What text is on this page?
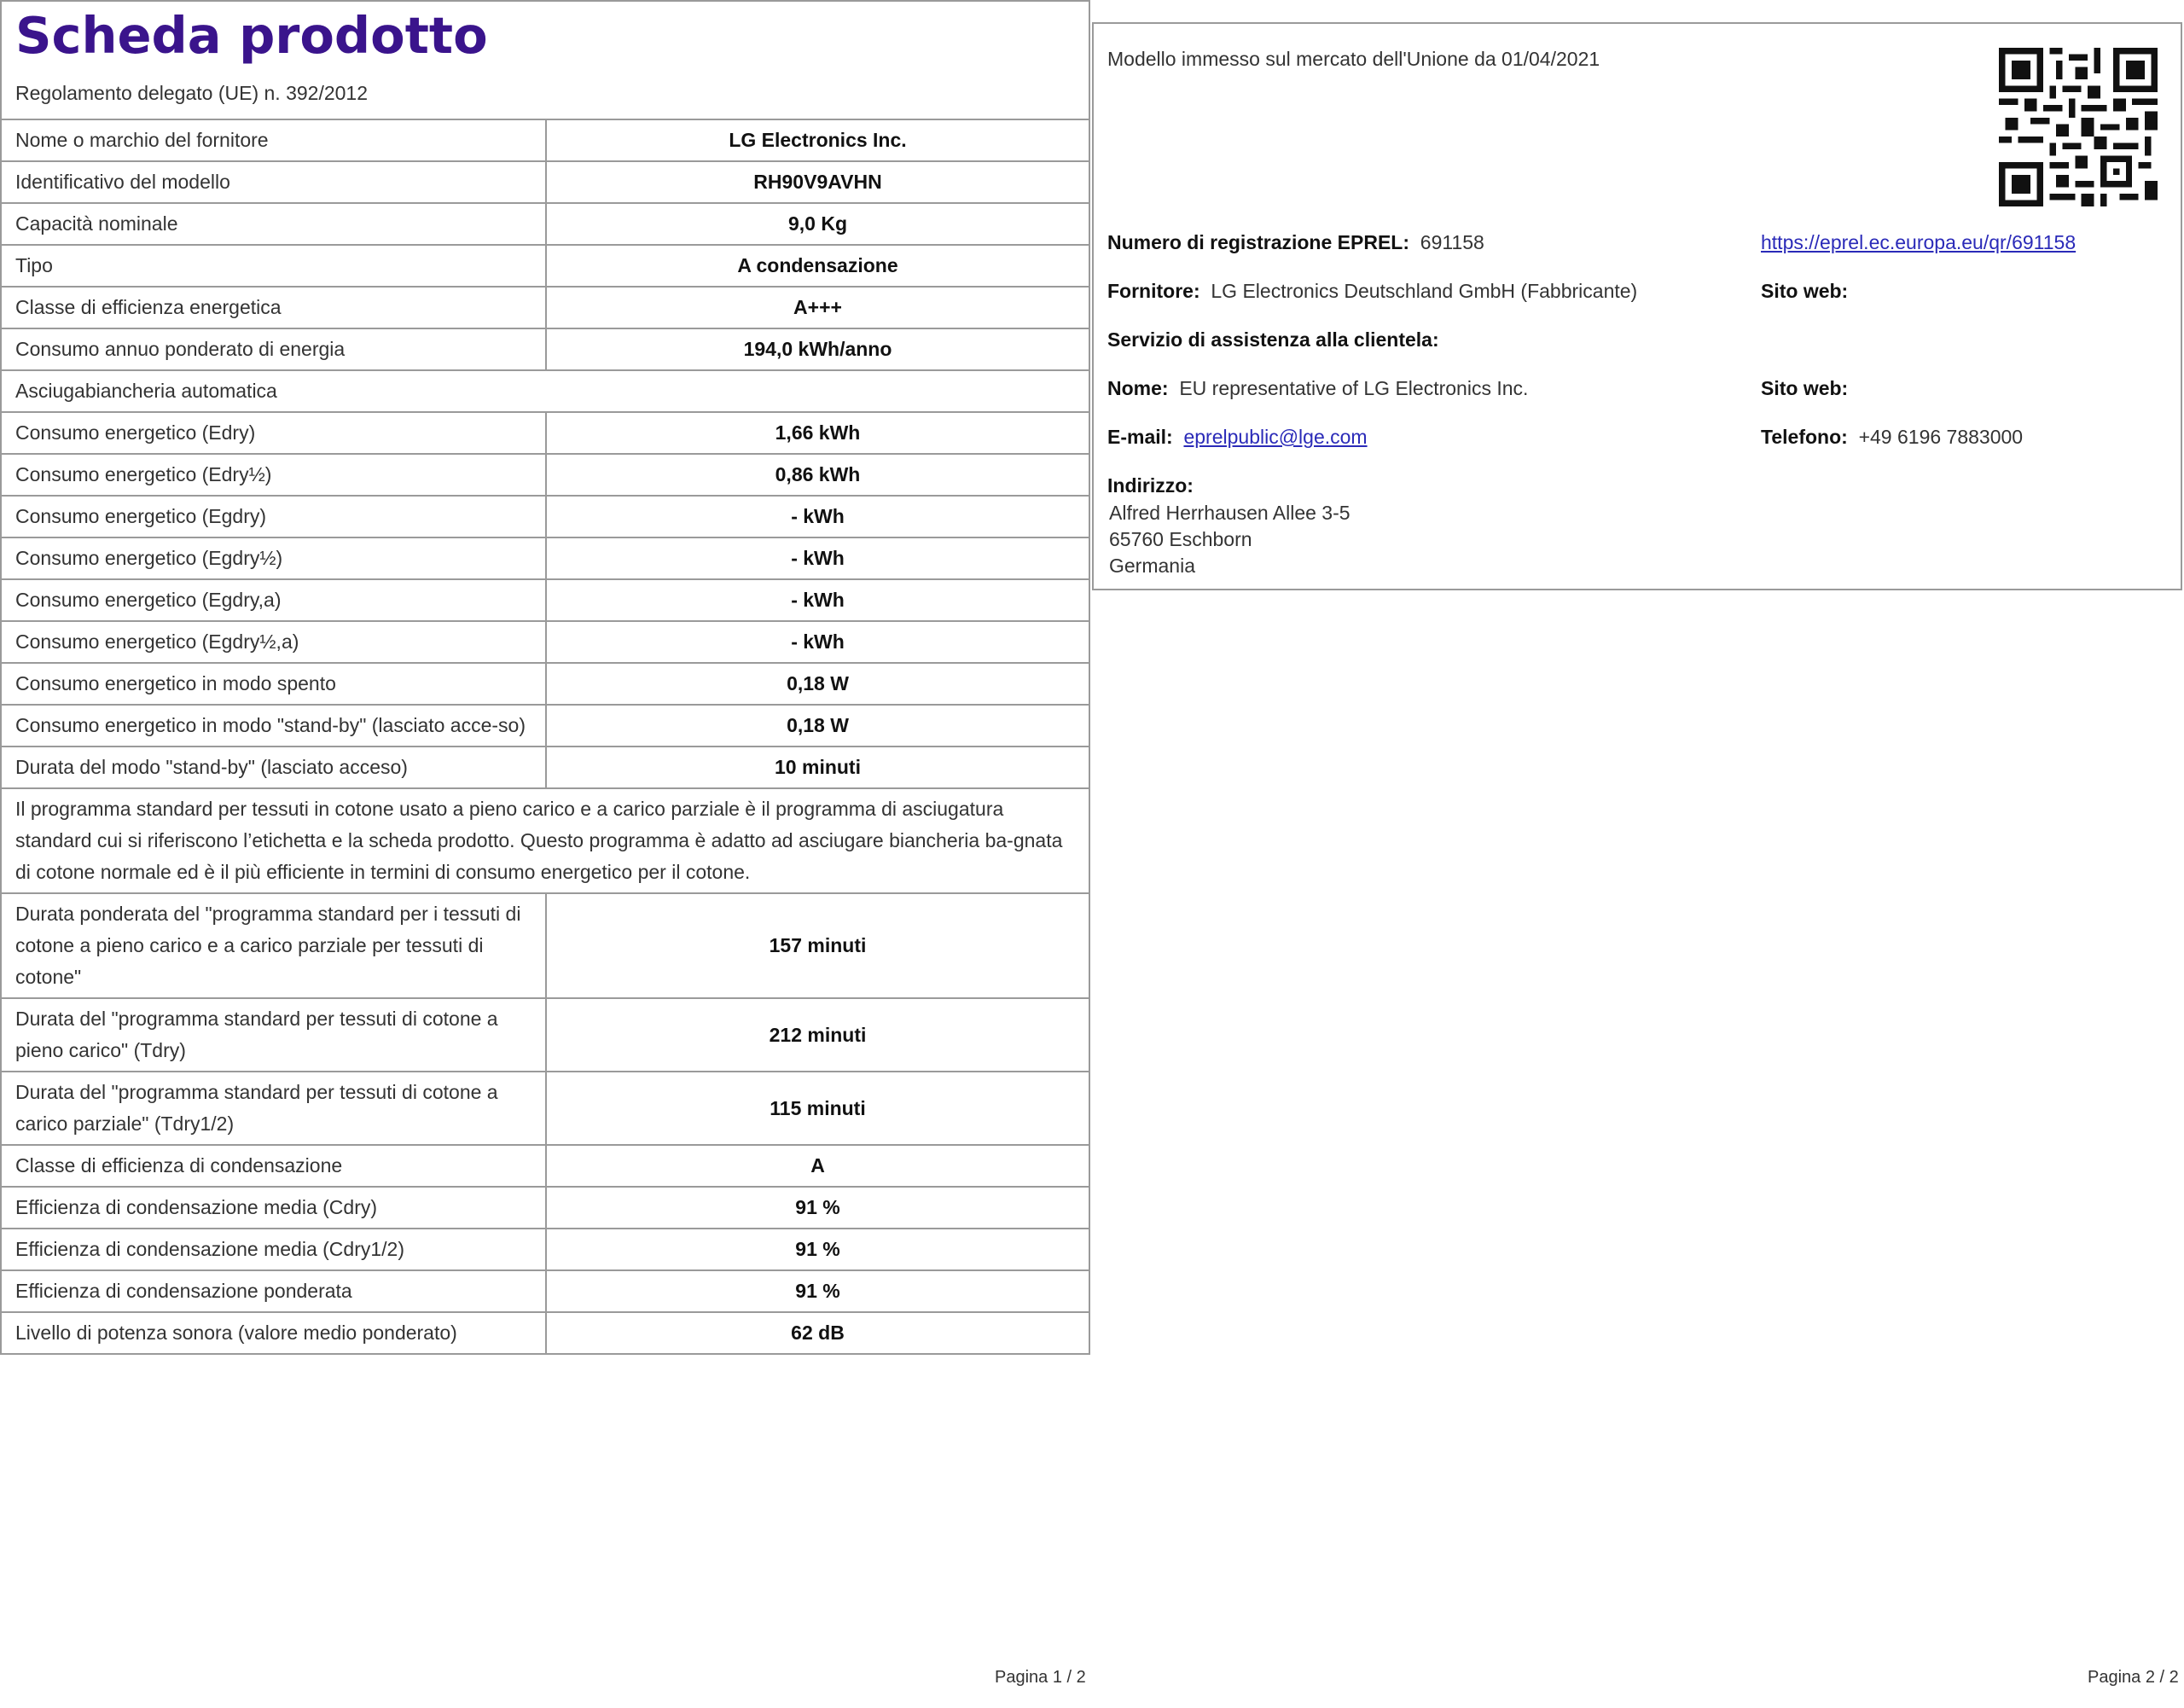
Scheda prodotto
Regolamento delegato (UE) n. 392/2012
Nome o marchio del fornitore	LG Electronics Inc.
Identificativo del modello	RH90V9AVHN
Capacità nominale	9,0 Kg
Tipo	A condensazione
Classe di efficienza energetica	A+++
Consumo annuo ponderato di energia	194,0 kWh/anno
Asciugabiancheria automatica	
Consumo energetico (Edry)	1,66 kWh
Consumo energetico (Edry½)	0,86 kWh
Consumo energetico (Egdry)	- kWh
Consumo energetico (Egdry½)	- kWh
Consumo energetico (Egdry,a)	- kWh
Consumo energetico (Egdry½,a)	- kWh
Consumo energetico in modo spento	0,18 W
Consumo energetico in modo "stand-by" (lasciato acce-so)	0,18 W
Durata del modo "stand-by" (lasciato acceso)	10 minuti
Il programma standard per tessuti in cotone usato a pieno carico e a carico parziale è il programma di asciugatura standard cui si riferiscono l’etichetta e la scheda prodotto. Questo programma è adatto ad asciugare biancheria ba-gnata di cotone normale ed è il più efficiente in termini di consumo energetico per il cotone.	
Durata ponderata del "programma standard per i tessuti di cotone a pieno carico e a carico parziale per tessuti di cotone"	157 minuti
Durata del "programma standard per tessuti di cotone a pieno carico" (Tdry)	212 minuti
Durata del "programma standard per tessuti di cotone a carico parziale" (Tdry1/2)	115 minuti
Classe di efficienza di condensazione	A
Efficienza di condensazione media (Cdry)	91 %
Efficienza di condensazione media (Cdry1/2)	91 %
Efficienza di condensazione ponderata	91 %
Livello di potenza sonora (valore medio ponderato)	62 dB
Modello immesso sul mercato dell'Unione da 01/04/2021
Numero di registrazione EPREL: 691158	https://eprel.ec.europa.eu/qr/691158
Fornitore: LG Electronics Deutschland GmbH (Fabbricante)	Sito web:
Servizio di assistenza alla clientela:
Nome: EU representative of LG Electronics Inc.	Sito web:
E-mail: eprelpublic@lge.com	Telefono: +49 6196 7883000
Indirizzo:
Alfred Herrhausen Allee 3-5
65760 Eschborn
Germania
Pagina 1 / 2	Pagina 2 / 2
